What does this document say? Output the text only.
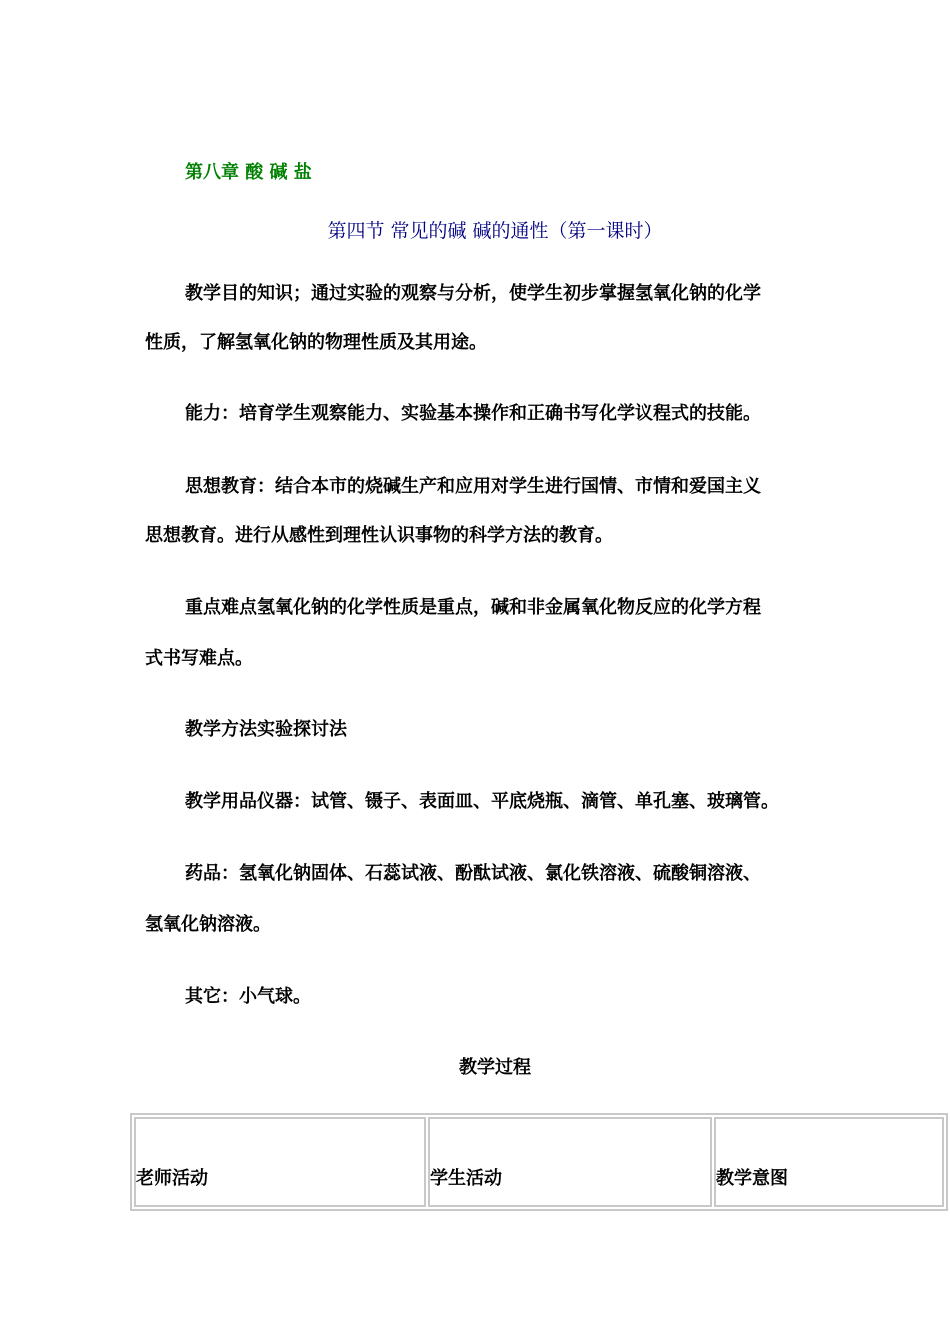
第八章 酸 碱 盐
第四节 常见的碱 碱的通性（第一课时）
教学目的知识；通过实验的观察与分析，使学生初步掌握氢氧化钠的化学
性质，了解氢氧化钠的物理性质及其用途。
能力：培育学生观察能力、实验基本操作和正确书写化学议程式的技能。
思想教育：结合本市的烧碱生产和应用对学生进行国情、市情和爱国主义
思想教育。进行从感性到理性认识事物的科学方法的教育。
重点难点氢氧化钠的化学性质是重点，碱和非金属氧化物反应的化学方程
式书写难点。
教学方法实验探讨法
教学用品仪器：试管、镊子、表面皿、平底烧瓶、滴管、单孔塞、玻璃管。
药品：氢氧化钠固体、石蕊试液、酚酞试液、氯化铁溶液、硫酸铜溶液、
氢氧化钠溶液。
其它：小气球。
教学过程
老师活动	学生活动	教学意图
